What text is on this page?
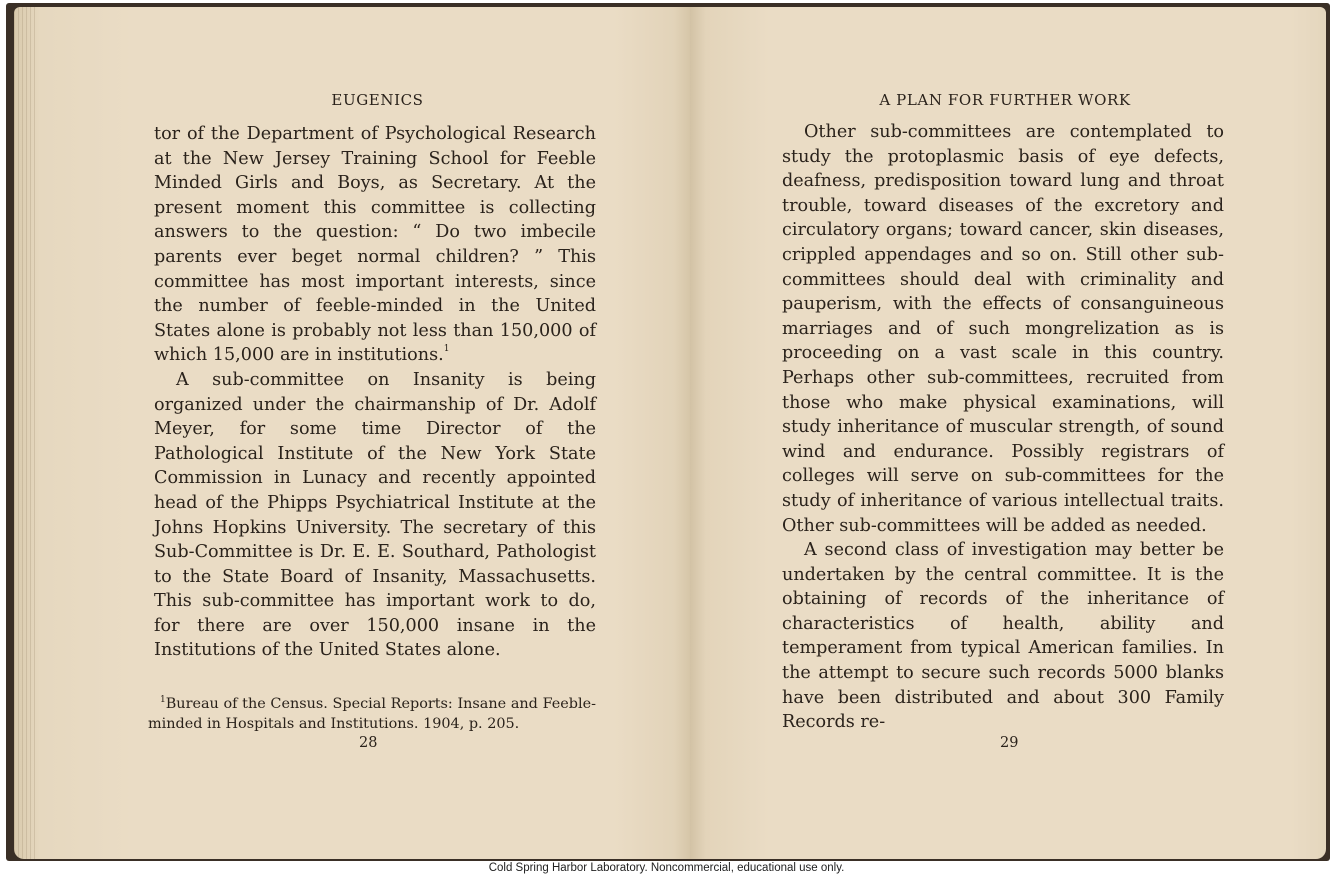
EUGENICS

tor of the Department of Psychological Research at the New Jersey Training School for Feeble Minded Girls and Boys, as Secretary. At the present moment this committee is collecting answers to the question: “ Do two imbecile parents ever beget normal children? ” This committee has most important interests, since the number of feeble-minded in the United States alone is probably not less than 150,000 of which 15,000 are in institutions.$^1$

A sub-committee on Insanity is being organized under the chairmanship of Dr. Adolf Meyer, for some time Director of the Pathological Institute of the New York State Commission in Lunacy and recently appointed head of the Phipps Psychiatrical Institute at the Johns Hopkins University. The secretary of this Sub-Committee is Dr. E. E. Southard, Pathologist to the State Board of Insanity, Massachusetts. This sub-committee has important work to do, for there are over 150,000 insane in the Institutions of the United States alone.

$^1$Bureau of the Census. Special Reports: Insane and Feeble-minded in Hospitals and Institutions. 1904, p. 205.
28
A PLAN FOR FURTHER WORK

Other sub-committees are contemplated to study the protoplasmic basis of eye defects, deafness, predisposition toward lung and throat trouble, toward diseases of the excretory and circulatory organs; toward cancer, skin diseases, crippled appendages and so on. Still other sub-committees should deal with criminality and pauperism, with the effects of consanguineous marriages and of such mongrelization as is proceeding on a vast scale in this country. Perhaps other sub-committees, recruited from those who make physical examinations, will study inheritance of muscular strength, of sound wind and endurance. Possibly registrars of colleges will serve on sub-committees for the study of inheritance of various intellectual traits. Other sub-committees will be added as needed.

A second class of investigation may better be undertaken by the central committee. It is the obtaining of records of the inheritance of characteristics of health, ability and temperament from typical American families. In the attempt to secure such records 5000 blanks have been distributed and about 300 Family Records re-

29
Cold Spring Harbor Laboratory. Noncommercial, educational use only.
